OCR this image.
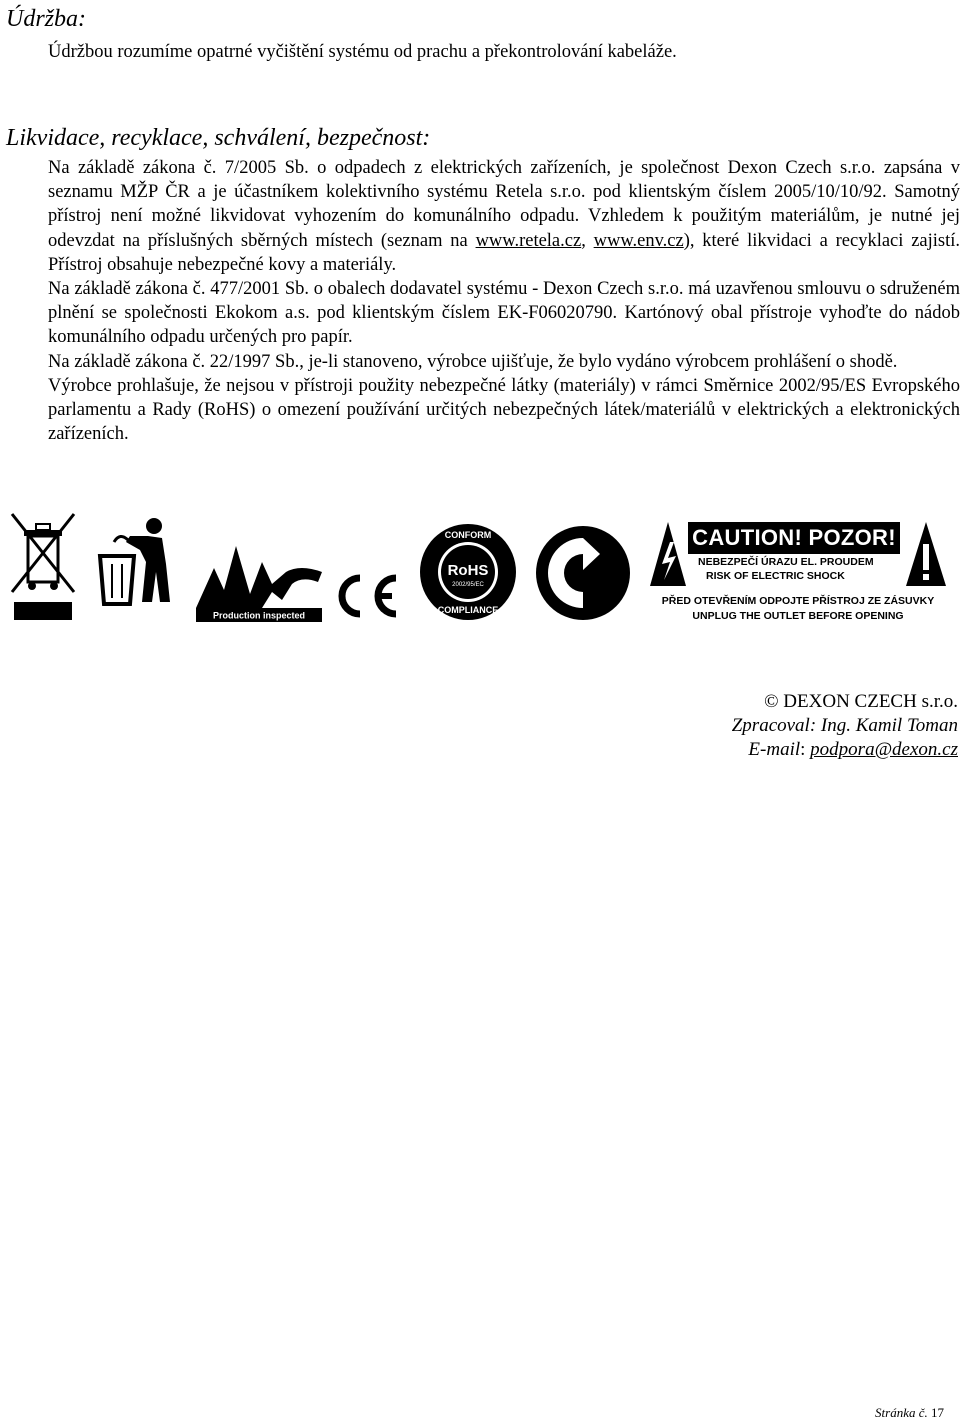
Údržba:

Údržbou rozumíme opatrné vyčištění systému od prachu a překontrolování kabeláže.

Likvidace, recyklace, schválení, bezpečnost:
Na základě zákona č. 7/2005 Sb. o odpadech z elektrických zařízeních, je společnost Dexon Czech s.r.o. zapsána v seznamu MŽP ČR a je účastníkem kolektivního systému Retela s.r.o. pod klientským číslem 2005/10/10/92. Samotný přístroj není možné likvidovat vyhozením do komunálního odpadu. Vzhledem k použitým materiálům, je nutné jej odevzdat na příslušných sběrných místech (seznam na www.retela.cz, www.env.cz), které likvidaci a recyklaci zajistí. Přístroj obsahuje nebezpečné kovy a materiály.
Na základě zákona č. 477/2001 Sb. o obalech dodavatel systému - Dexon Czech s.r.o. má uzavřenou smlouvu o sdruženém plnění se společnosti Ekokom a.s. pod klientským číslem EK-F06020790. Kartónový obal přístroje vyhoďte do nádob komunálního odpadu určených pro papír.
Na základě zákona č. 22/1997 Sb., je-li stanoveno, výrobce ujišťuje, že bylo vydáno výrobcem prohlášení o shodě.
Výrobce prohlašuje, že nejsou v přístroji použity nebezpečné látky (materiály) v rámci Směrnice 2002/95/ES Evropského parlamentu a Rady (RoHS) o omezení používání určitých nebezpečných látek/materiálů v elektrických a elektronických zařízeních.
Production inspected
RoHS
2002/95/EC
CONFORM
COMPLIANCE
CAUTION! POZOR!
NEBEZPEČÍ ÚRAZU EL. PROUDEM
RISK OF ELECTRIC SHOCK
PŘED OTEVŘENÍM ODPOJTE PŘÍSTROJ ZE ZÁSUVKY
UNPLUG THE OUTLET BEFORE OPENING
© DEXON CZECH s.r.o.
Zpracoval: Ing. Kamil Toman
E-mail: podpora@dexon.cz
Stránka č. 17
